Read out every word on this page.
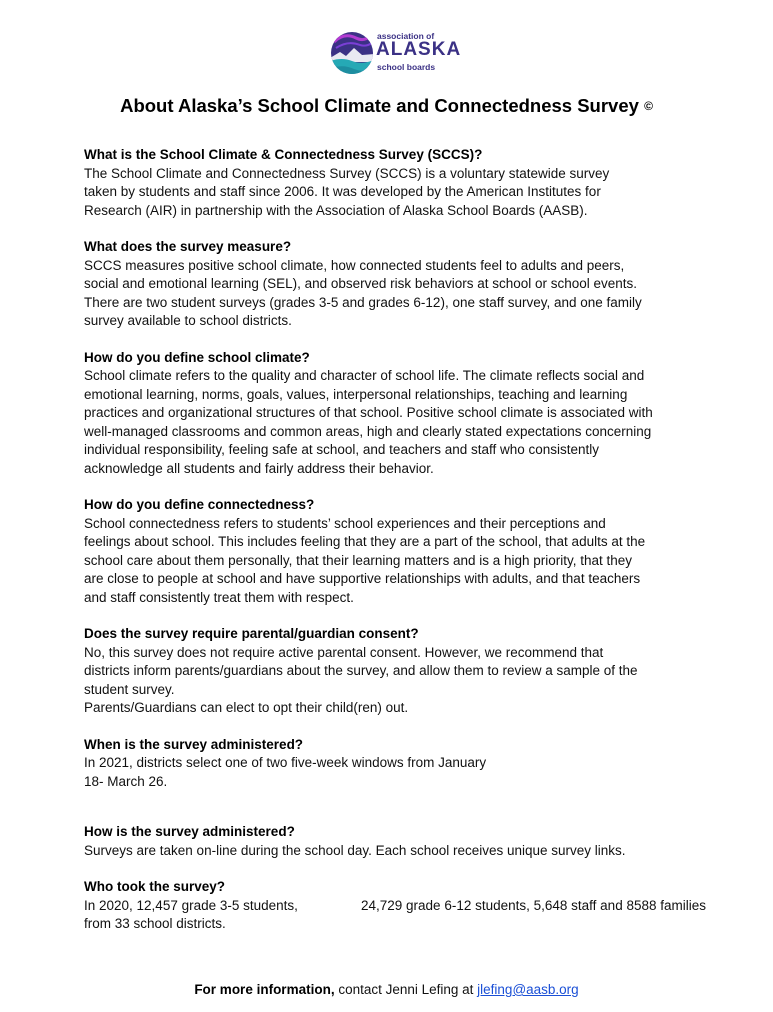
association of
ALASKA
school boards
About Alaska’s School Climate and Connectedness Survey ©
What is the School Climate & Connectedness Survey (SCCS)?

The School Climate and Connectedness Survey (SCCS) is a voluntary statewide survey
taken by students and staff since 2006. It was developed by the American Institutes for
Research (AIR) in partnership with the Association of Alaska School Boards (AASB).

What does the survey measure?

SCCS measures positive school climate, how connected students feel to adults and peers,
social and emotional learning (SEL), and observed risk behaviors at school or school events.
There are two student surveys (grades 3-5 and grades 6-12), one staff survey, and one family
survey available to school districts.

How do you define school climate?

School climate refers to the quality and character of school life. The climate reflects social and
emotional learning, norms, goals, values, interpersonal relationships, teaching and learning
practices and organizational structures of that school. Positive school climate is associated with
well-managed classrooms and common areas, high and clearly stated expectations concerning
individual responsibility, feeling safe at school, and teachers and staff who consistently
acknowledge all students and fairly address their behavior.

How do you define connectedness?

School connectedness refers to students’ school experiences and their perceptions and
feelings about school. This includes feeling that they are a part of the school, that adults at the
school care about them personally, that their learning matters and is a high priority, that they
are close to people at school and have supportive relationships with adults, and that teachers
and staff consistently treat them with respect.

Does the survey require parental/guardian consent?

No, this survey does not require active parental consent. However, we recommend that
districts inform parents/guardians about the survey, and allow them to review a sample of the
student survey.
Parents/Guardians can elect to opt their child(ren) out.

When is the survey administered?

In 2021, districts select one of two five-week windows from January
18- March 26.

How is the survey administered?

Surveys are taken on-line during the school day. Each school receives unique survey links.

Who took the survey?
In 2020, 12,457 grade 3-5 students,	24,729 grade 6-12 students, 5,648 staff and 8588 families
from 33 school districts.
For more information, contact Jenni Lefing at jlefing@aasb.org
